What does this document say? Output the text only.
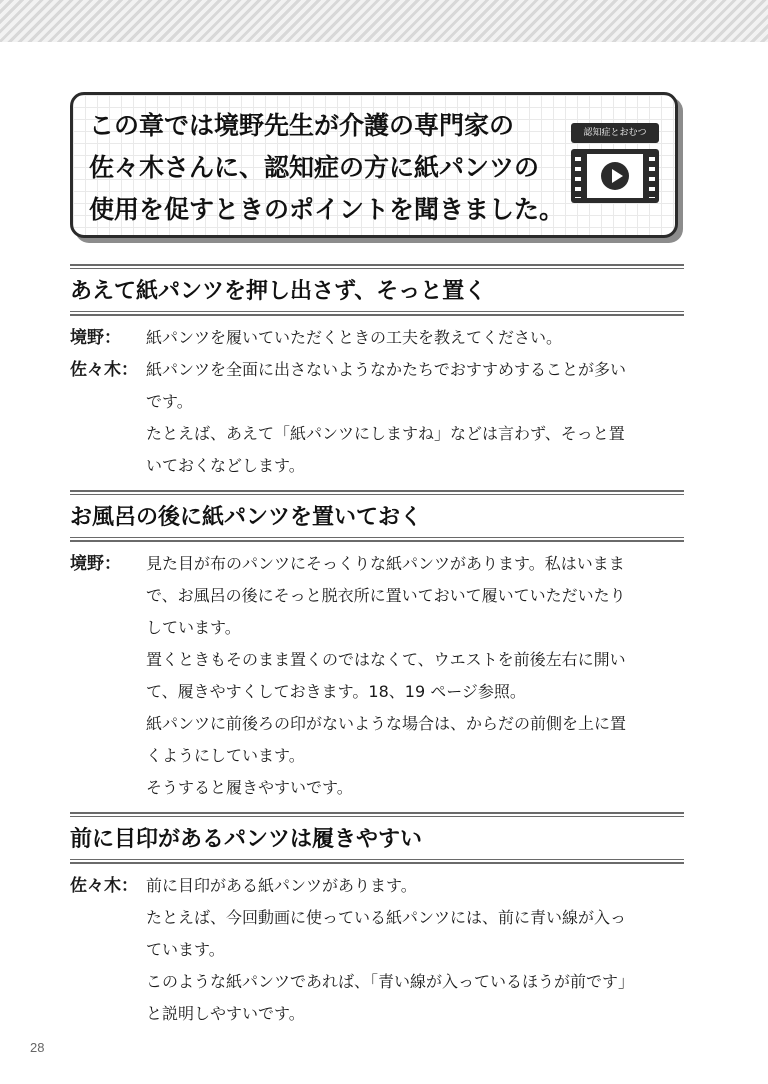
この章では境野先生が介護の専門家の
佐々木さんに、認知症の方に紙パンツの
使用を促すときのポイントを聞きました。
認知症とおむつ
あえて紙パンツを押し出さず、そっと置く
境野：	紙パンツを履いていただくときの工夫を教えてください。
佐々木： 紙パンツを全面に出さないようなかたちでおすすめすることが多い
です。
たとえば、あえて「紙パンツにしますね」などは言わず、そっと置
いておくなどします。
お風呂の後に紙パンツを置いておく
境野：	見た目が布のパンツにそっくりな紙パンツがあります。私はいまま
で、お風呂の後にそっと脱衣所に置いておいて履いていただいたり
しています。
置くときもそのまま置くのではなくて、ウエストを前後左右に開い
て、履きやすくしておきます。18、19 ページ参照。
紙パンツに前後ろの印がないような場合は、からだの前側を上に置
くようにしています。
そうすると履きやすいです。
前に目印があるパンツは履きやすい
佐々木： 前に目印がある紙パンツがあります。
たとえば、今回動画に使っている紙パンツには、前に青い線が入っ
ています。
このような紙パンツであれば、「青い線が入っているほうが前です」
と説明しやすいです。
28
